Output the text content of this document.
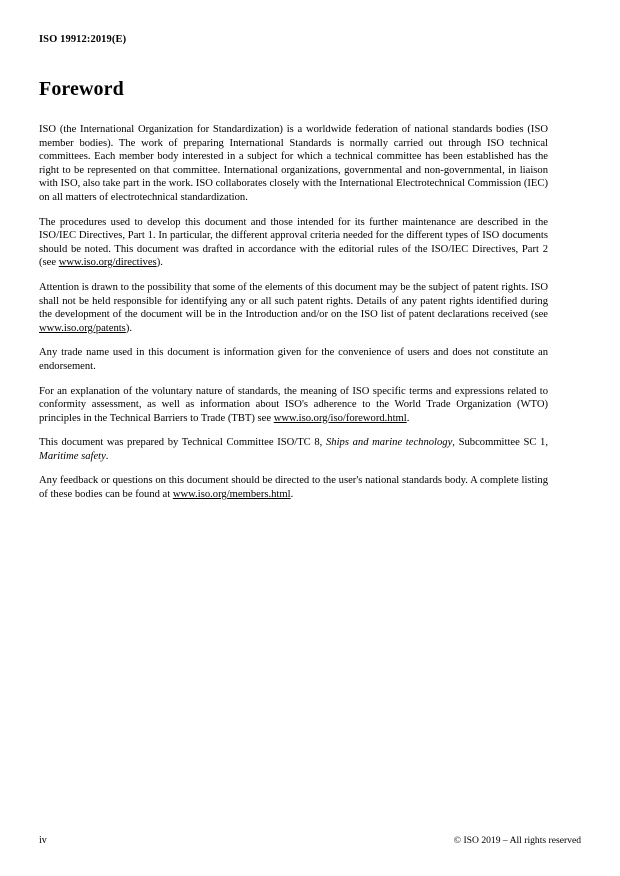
ISO 19912:2019(E)
Foreword

ISO (the International Organization for Standardization) is a worldwide federation of national standards bodies (ISO member bodies). The work of preparing International Standards is normally carried out through ISO technical committees. Each member body interested in a subject for which a technical committee has been established has the right to be represented on that committee. International organizations, governmental and non-governmental, in liaison with ISO, also take part in the work. ISO collaborates closely with the International Electrotechnical Commission (IEC) on all matters of electrotechnical standardization.

The procedures used to develop this document and those intended for its further maintenance are described in the ISO/IEC Directives, Part 1. In particular, the different approval criteria needed for the different types of ISO documents should be noted. This document was drafted in accordance with the editorial rules of the ISO/IEC Directives, Part 2 (see www.iso.org/directives).

Attention is drawn to the possibility that some of the elements of this document may be the subject of patent rights. ISO shall not be held responsible for identifying any or all such patent rights. Details of any patent rights identified during the development of the document will be in the Introduction and/or on the ISO list of patent declarations received (see www.iso.org/patents).

Any trade name used in this document is information given for the convenience of users and does not constitute an endorsement.

For an explanation of the voluntary nature of standards, the meaning of ISO specific terms and expressions related to conformity assessment, as well as information about ISO's adherence to the World Trade Organization (WTO) principles in the Technical Barriers to Trade (TBT) see www.iso.org/iso/foreword.html.

This document was prepared by Technical Committee ISO/TC 8, Ships and marine technology, Subcommittee SC 1, Maritime safety.

Any feedback or questions on this document should be directed to the user's national standards body. A complete listing of these bodies can be found at www.iso.org/members.html.

iv	© ISO 2019 – All rights reserved
